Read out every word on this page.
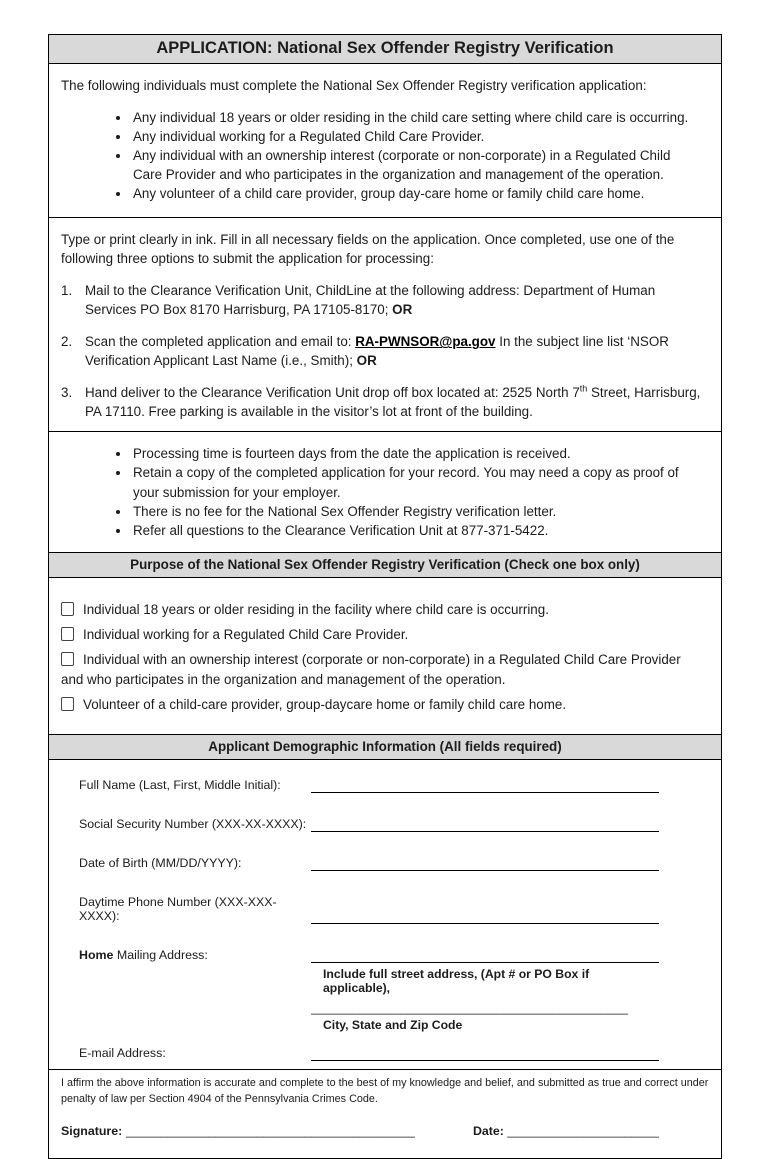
APPLICATION: National Sex Offender Registry Verification

The following individuals must complete the National Sex Offender Registry verification application:

• Any individual 18 years or older residing in the child care setting where child care is occurring.
• Any individual working for a Regulated Child Care Provider.
• Any individual with an ownership interest (corporate or non-corporate) in a Regulated Child Care Provider and who participates in the organization and management of the operation.
• Any volunteer of a child care provider, group day-care home or family child care home.

Type or print clearly in ink. Fill in all necessary fields on the application. Once completed, use one of the following three options to submit the application for processing:

1. Mail to the Clearance Verification Unit, ChildLine at the following address: Department of Human Services PO Box 8170 Harrisburg, PA 17105-8170; OR
2. Scan the completed application and email to: RA-PWNSOR@pa.gov In the subject line list ‘NSOR Verification Applicant Last Name (i.e., Smith); OR
3. Hand deliver to the Clearance Verification Unit drop off box located at: 2525 North 7th Street, Harrisburg, PA 17110. Free parking is available in the visitor’s lot at front of the building.
• Processing time is fourteen days from the date the application is received.
• Retain a copy of the completed application for your record. You may need a copy as proof of your submission for your employer.
• There is no fee for the National Sex Offender Registry verification letter.
• Refer all questions to the Clearance Verification Unit at 877-371-5422.
Purpose of the National Sex Offender Registry Verification (Check one box only)
Individual 18 years or older residing in the facility where child care is occurring.
Individual working for a Regulated Child Care Provider.
Individual with an ownership interest (corporate or non-corporate) in a Regulated Child Care Provider and who participates in the organization and management of the operation.
Volunteer of a child-care provider, group-daycare home or family child care home.
Applicant Demographic Information (All fields required)
Full Name (Last, First, Middle Initial):
Social Security Number (XXX-XX-XXXX):
Date of Birth (MM/DD/YYYY):
Daytime Phone Number (XXX-XXX-XXXX):
Home Mailing Address:
Include full street address, (Apt # or PO Box if applicable),
______________________________________________
City, State and Zip Code
E-mail Address:
I affirm the above information is accurate and complete to the best of my knowledge and belief, and submitted as true and correct under penalty of law per Section 4904 of the Pennsylvania Crimes Code.
Signature: __________________________________________	Date: ______________________
